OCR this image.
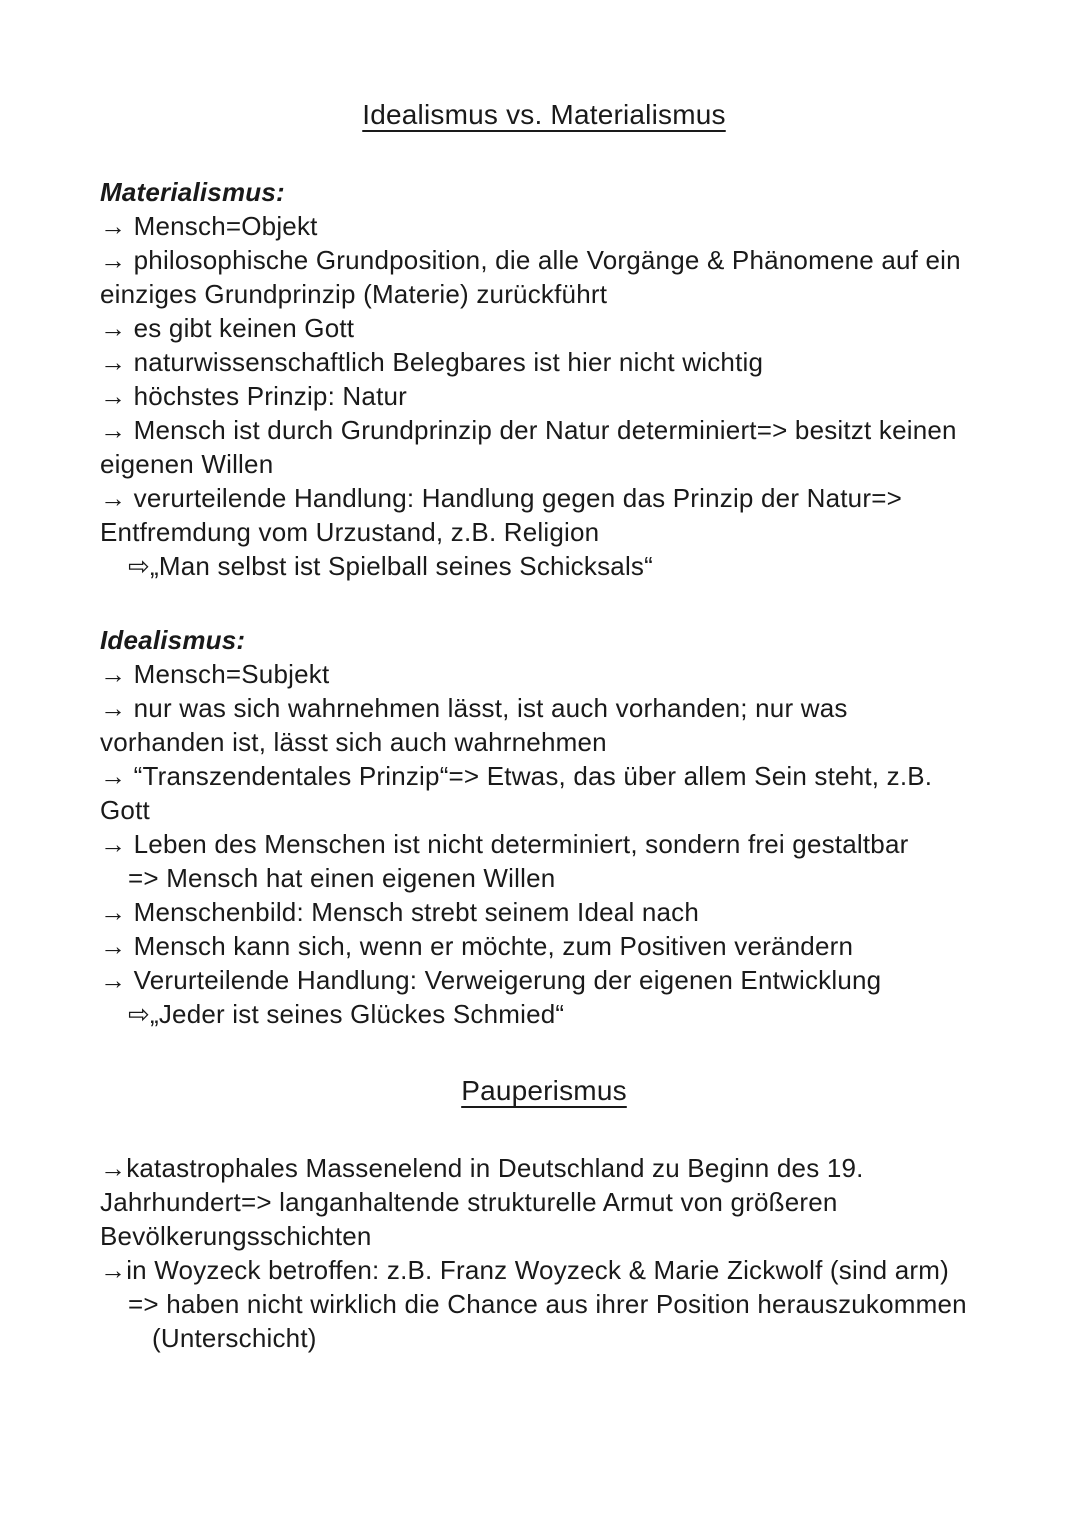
Idealismus vs. Materialismus
Materialismus:
→ Mensch=Objekt
→ philosophische Grundposition, die alle Vorgänge & Phänomene auf ein
einziges Grundprinzip (Materie) zurückführt
→ es gibt keinen Gott
→ naturwissenschaftlich Belegbares ist hier nicht wichtig
→ höchstes Prinzip: Natur
→ Mensch ist durch Grundprinzip der Natur determiniert=> besitzt keinen
eigenen Willen
→ verurteilende Handlung: Handlung gegen das Prinzip der Natur=>
Entfremdung vom Urzustand, z.B. Religion
⇨„Man selbst ist Spielball seines Schicksals“
Idealismus:
→ Mensch=Subjekt
→ nur was sich wahrnehmen lässt, ist auch vorhanden; nur was
vorhanden ist, lässt sich auch wahrnehmen
→ “Transzendentales Prinzip“=> Etwas, das über allem Sein steht, z.B.
Gott
→ Leben des Menschen ist nicht determiniert, sondern frei gestaltbar
=> Mensch hat einen eigenen Willen
→ Menschenbild: Mensch strebt seinem Ideal nach
→ Mensch kann sich, wenn er möchte, zum Positiven verändern
→ Verurteilende Handlung: Verweigerung der eigenen Entwicklung
⇨„Jeder ist seines Glückes Schmied“
Pauperismus
→katastrophales Massenelend in Deutschland zu Beginn des 19.
Jahrhundert=> langanhaltende strukturelle Armut von größeren
Bevölkerungsschichten
→in Woyzeck betroffen: z.B. Franz Woyzeck & Marie Zickwolf (sind arm)
=> haben nicht wirklich die Chance aus ihrer Position herauszukommen
(Unterschicht)
